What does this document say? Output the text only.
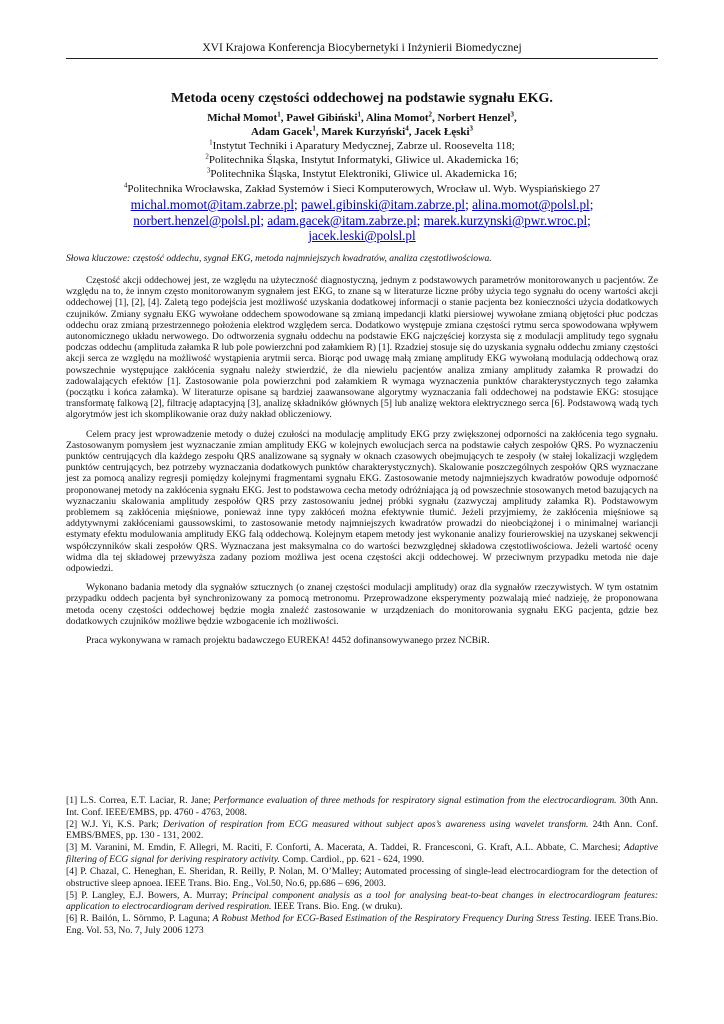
XVI Krajowa Konferencja Biocybernetyki i Inżynierii Biomedycznej
Metoda oceny częstości oddechowej na podstawie sygnału EKG.
Michał Momot$^1$, Paweł Gibiński$^1$, Alina Momot$^2$, Norbert Henzel$^3$,
Adam Gacek$^1$, Marek Kurzyński$^4$, Jacek Łęski$^3$
$^1$Instytut Techniki i Aparatury Medycznej, Zabrze ul. Roosevelta 118;
$^2$Politechnika Śląska, Instytut Informatyki, Gliwice ul. Akademicka 16;
$^3$Politechnika Śląska, Instytut Elektroniki, Gliwice ul. Akademicka 16;
$^4$Politechnika Wrocławska, Zakład Systemów i Sieci Komputerowych, Wrocław ul. Wyb. Wyspiańskiego 27
michal.momot@itam.zabrze.pl; pawel.gibinski@itam.zabrze.pl; alina.momot@polsl.pl;
norbert.henzel@polsl.pl; adam.gacek@itam.zabrze.pl; marek.kurzynski@pwr.wroc.pl;
jacek.leski@polsl.pl
Słowa kluczowe: częstość oddechu, sygnał EKG, metoda najmniejszych kwadratów, analiza częstotliwościowa.

Częstość akcji oddechowej jest, ze względu na użyteczność diagnostyczną, jednym z podstawowych parametrów monitorowanych u pacjentów. Ze względu na to, że innym często monitorowanym sygnałem jest EKG, to znane są w literaturze liczne próby użycia tego sygnału do oceny wartości akcji oddechowej [1], [2], [4]. Zaletą tego podejścia jest możliwość uzyskania dodatkowej informacji o stanie pacjenta bez konieczności użycia dodatkowych czujników. Zmiany sygnału EKG wywołane oddechem spowodowane są zmianą impedancji klatki piersiowej wywołane zmianą objętości płuc podczas oddechu oraz zmianą przestrzennego położenia elektrod względem serca. Dodatkowo występuje zmiana częstości rytmu serca spowodowana wpływem autonomicznego układu nerwowego. Do odtworzenia sygnału oddechu na podstawie EKG najczęściej korzysta się z modulacji amplitudy tego sygnału podczas oddechu (amplituda załamka R lub pole powierzchni pod załamkiem R) [1]. Rzadziej stosuje się do uzyskania sygnału oddechu zmiany częstości akcji serca ze względu na możliwość wystąpienia arytmii serca. Biorąc pod uwagę małą zmianę amplitudy EKG wywołaną modulacją oddechową oraz powszechnie występujące zakłócenia sygnału należy stwierdzić, że dla niewielu pacjentów analiza zmiany amplitudy załamka R prowadzi do zadowalających efektów [1]. Zastosowanie pola powierzchni pod załamkiem R wymaga wyznaczenia punktów charakterystycznych tego załamka (początku i końca załamka). W literaturze opisane są bardziej zaawansowane algorytmy wyznaczania fali oddechowej na podstawie EKG: stosujące transformatę falkową [2], filtrację adaptacyjną [3], analizę składników głównych [5] lub analizę wektora elektrycznego serca [6]. Podstawową wadą tych algorytmów jest ich skomplikowanie oraz duży nakład obliczeniowy.

Celem pracy jest wprowadzenie metody o dużej czułości na modulację amplitudy EKG przy zwiększonej odporności na zakłócenia tego sygnału. Zastosowanym pomysłem jest wyznaczanie zmian amplitudy EKG w kolejnych ewolucjach serca na podstawie całych zespołów QRS. Po wyznaczeniu punktów centrujących dla każdego zespołu QRS analizowane są sygnały w oknach czasowych obejmujących te zespoły (w stałej lokalizacji względem punktów centrujących, bez potrzeby wyznaczania dodatkowych punktów charakterystycznych). Skalowanie poszczególnych zespołów QRS wyznaczane jest za pomocą analizy regresji pomiędzy kolejnymi fragmentami sygnału EKG. Zastosowanie metody najmniejszych kwadratów powoduje odporność proponowanej metody na zakłócenia sygnału EKG. Jest to podstawowa cecha metody odróżniająca ją od powszechnie stosowanych metod bazujących na wyznaczaniu skalowania amplitudy zespołów QRS przy zastosowaniu jednej próbki sygnału (zazwyczaj amplitudy załamka R). Podstawowym problemem są zakłócenia mięśniowe, ponieważ inne typy zakłóceń można efektywnie tłumić. Jeżeli przyjmiemy, że zakłócenia mięśniowe są addytywnymi zakłóceniami gaussowskimi, to zastosowanie metody najmniejszych kwadratów prowadzi do nieobciążonej i o minimalnej wariancji estymaty efektu modulowania amplitudy EKG falą oddechową. Kolejnym etapem metody jest wykonanie analizy fourierowskiej na uzyskanej sekwencji współczynników skali zespołów QRS. Wyznaczana jest maksymalna co do wartości bezwzględnej składowa częstotliwościowa. Jeżeli wartość oceny widma dla tej składowej przewyższa zadany poziom możliwa jest ocena częstości akcji oddechowej. W przeciwnym przypadku metoda nie daje odpowiedzi.

Wykonano badania metody dla sygnałów sztucznych (o znanej częstości modulacji amplitudy) oraz dla sygnałów rzeczywistych. W tym ostatnim przypadku oddech pacjenta był synchronizowany za pomocą metronomu. Przeprowadzone eksperymenty pozwalają mieć nadzieję, że proponowana metoda oceny częstości oddechowej będzie mogła znaleźć zastosowanie w urządzeniach do monitorowania sygnału EKG pacjenta, gdzie bez dodatkowych czujników możliwe będzie wzbogacenie ich możliwości.

Praca wykonywana w ramach projektu badawczego EUREKA! 4452 dofinansowywanego przez NCBiR.

[1] L.S. Correa, E.T. Laciar, R. Jane; Performance evaluation of three methods for respiratory signal estimation from the electrocardiogram. 30th Ann. Int. Conf. IEEE/EMBS, pp. 4760 - 4763, 2008.

[2] W.J. Yi, K.S. Park; Derivation of respiration from ECG measured without subject apos’s awareness using wavelet transform. 24th Ann. Conf. EMBS/BMES, pp. 130 - 131, 2002.

[3] M. Varanini, M. Emdin, F. Allegri, M. Raciti, F. Conforti, A. Macerata, A. Taddei, R. Francesconi, G. Kraft, A.L. Abbate, C. Marchesi; Adaptive filtering of ECG signal for deriving respiratory activity. Comp. Cardiol., pp. 621 - 624, 1990.

[4] P. Chazal, C. Heneghan, E. Sheridan, R. Reilly, P. Nolan, M. O’Malley; Automated processing of single-lead electrocardiogram for the detection of obstructive sleep apnoea. IEEE Trans. Bio. Eng., Vol.50, No.6, pp.686 – 696, 2003.

[5] P. Langley, E.J. Bowers, A. Murray; Principal component analysis as a tool for analysing beat-to-beat changes in electrocardiogram features: application to electrocardiogram derived respiration. IEEE Trans. Bio. Eng. (w druku).

[6] R. Bailón, L. Sörnmo, P. Laguna; A Robust Method for ECG-Based Estimation of the Respiratory Frequency During Stress Testing. IEEE Trans.Bio. Eng. Vol. 53, No. 7, July 2006 1273
